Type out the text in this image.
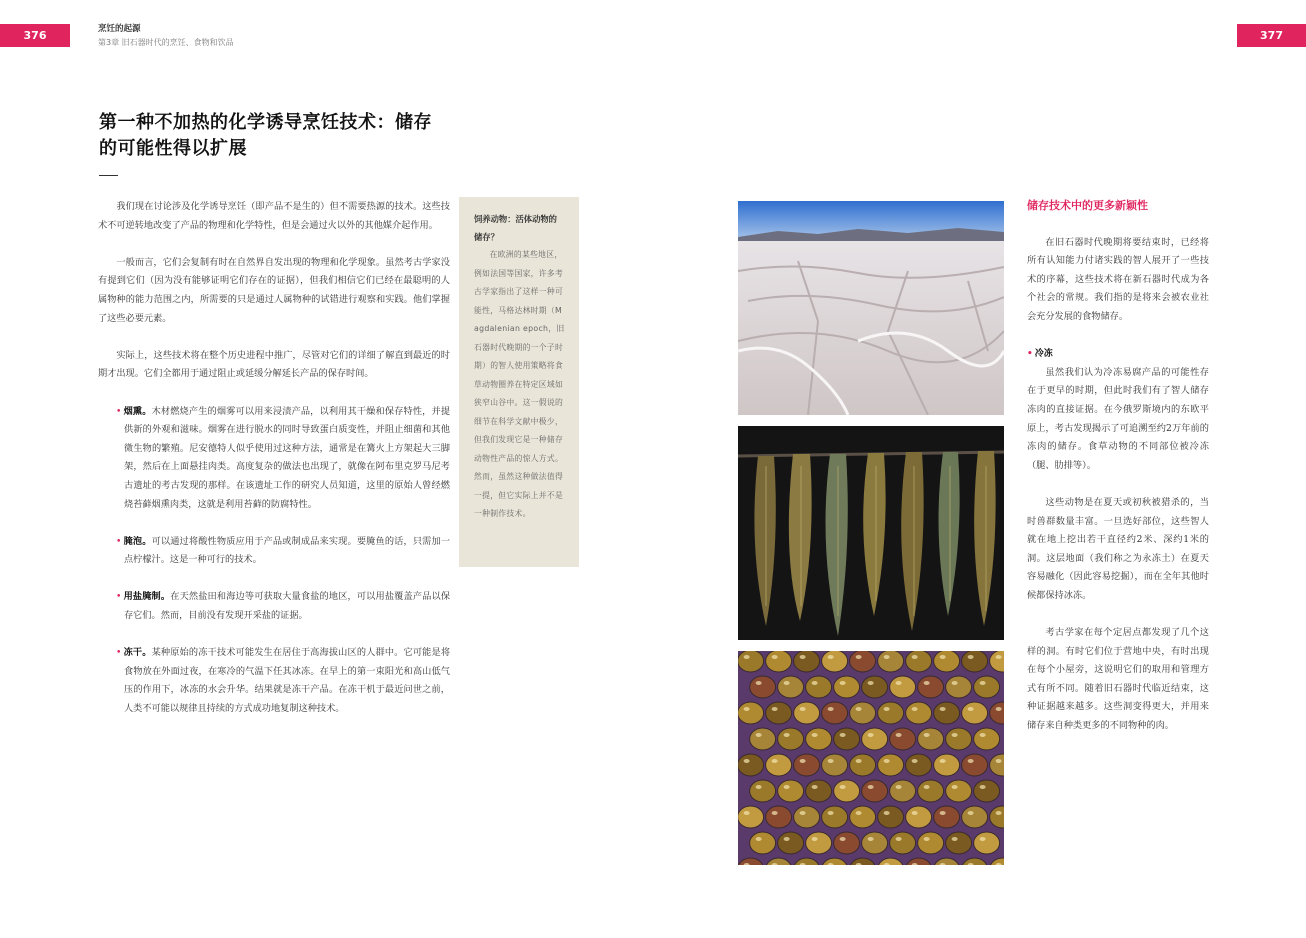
376	377
烹饪的起源
第3章 旧石器时代的烹饪、食物和饮品
第一种不加热的化学诱导烹饪技术：储存的可能性得以扩展

我们现在讨论涉及化学诱导烹饪（即产品不是生的）但不需要热源的技术。这些技术不可逆转地改变了产品的物理和化学特性，但是会通过火以外的其他媒介起作用。

一般而言，它们会复制有时在自然界自发出现的物理和化学现象。虽然考古学家没有提到它们（因为没有能够证明它们存在的证据），但我们相信它们已经在最聪明的人属物种的能力范围之内，所需要的只是通过人属物种的试错进行观察和实践。他们掌握了这些必要元素。

实际上，这些技术将在整个历史进程中推广，尽管对它们的详细了解直到最近的时期才出现。它们全都用于通过阻止或延缓分解延长产品的保存时间。

• 烟熏。木材燃烧产生的烟雾可以用来浸渍产品，以利用其干燥和保存特性，并提供新的外观和滋味。烟雾在进行脱水的同时导致蛋白质变性，并阻止细菌和其他微生物的繁殖。尼安德特人似乎使用过这种方法，通常是在篝火上方架起大三脚架，然后在上面悬挂肉类。高度复杂的做法也出现了，就像在阿布里克罗马尼考古遗址的考古发现的那样。在该遗址工作的研究人员知道，这里的原始人曾经燃烧苔藓烟熏肉类，这就是利用苔藓的防腐特性。
• 腌泡。可以通过将酸性物质应用于产品或制成品来实现。要腌鱼的话，只需加一点柠檬汁。这是一种可行的技术。
• 用盐腌制。在天然盐田和海边等可获取大量食盐的地区，可以用盐覆盖产品以保存它们。然而，目前没有发现开采盐的证据。
• 冻干。某种原始的冻干技术可能发生在居住于高海拔山区的人群中。它可能是将食物放在外面过夜，在寒冷的气温下任其冰冻。在早上的第一束阳光和高山低气压的作用下，冰冻的水会升华。结果就是冻干产品。在冻干机于最近问世之前，人类不可能以规律且持续的方式成功地复制这种技术。
饲养动物：活体动物的储存？
在欧洲的某些地区，例如法国等国家，许多考古学家指出了这样一种可能性，马格达林时期（Magdalenian epoch，旧石器时代晚期的一个子时期）的智人使用策略将食草动物圈养在特定区域如狭窄山谷中。这一假说的细节在科学文献中极少，但我们发现它是一种储存动物性产品的惊人方式。然而，虽然这种做法值得一提，但它实际上并不是一种制作技术。
储存技术中的更多新颖性

在旧石器时代晚期将要结束时，已经将所有认知能力付诸实践的智人展开了一些技术的序幕，这些技术将在新石器时代成为各个社会的常规。我们指的是将来会被农业社会充分发展的食物储存。

• 冷冻

虽然我们认为冷冻易腐产品的可能性存在于更早的时期，但此时我们有了智人储存冻肉的直接证据。在今俄罗斯境内的东欧平原上，考古发现揭示了可追溯至约2万年前的冻肉的储存。食草动物的不同部位被冷冻（腿、肋排等）。

这些动物是在夏天或初秋被猎杀的，当时兽群数量丰富。一旦选好部位，这些智人就在地上挖出若干直径约2米、深约1米的洞。这层地面（我们称之为永冻土）在夏天容易融化（因此容易挖掘），而在全年其他时候都保持冰冻。

考古学家在每个定居点都发现了几个这样的洞。有时它们位于营地中央，有时出现在每个小屋旁，这说明它们的取用和管理方式有所不同。随着旧石器时代临近结束，这种证据越来越多。这些洞变得更大，并用来储存来自种类更多的不同物种的肉。
